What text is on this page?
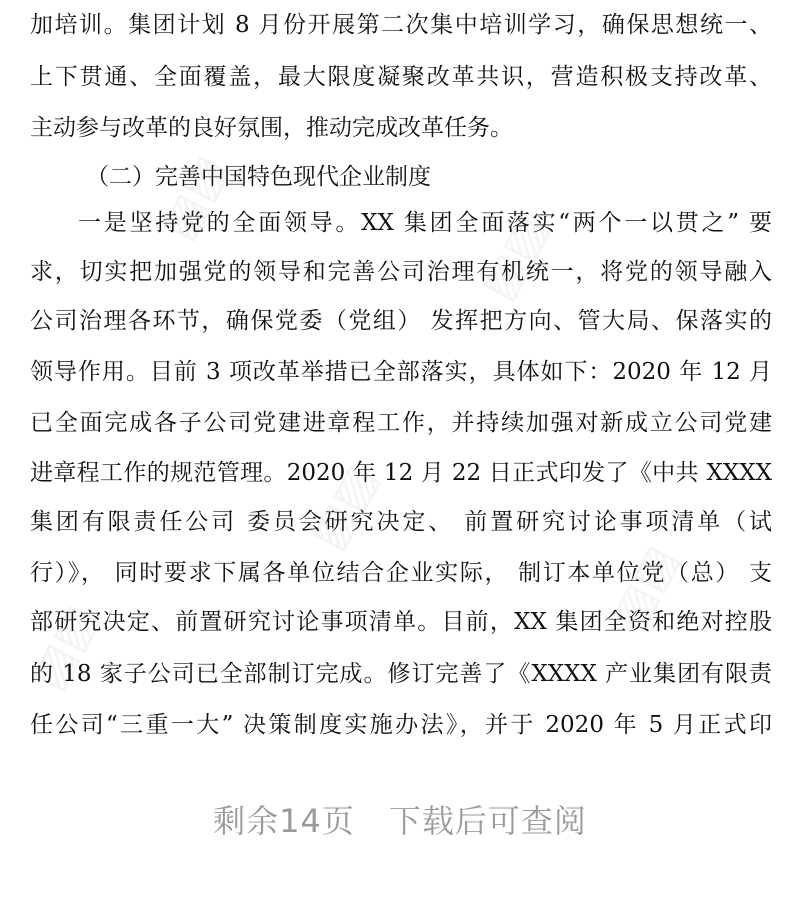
▨▨
▨▨
▨▨
▨▨
▨▨
加培训。集团计划 8 月份开展第二次集中培训学习，确保思想统一、
上下贯通、全面覆盖，最大限度凝聚改革共识，营造积极支持改革、
主动参与改革的良好氛围，推动完成改革任务。
（二）完善中国特色现代企业制度
一是坚持党的全面领导。XX 集团全面落实“两个一以贯之” 要
求，切实把加强党的领导和完善公司治理有机统一，将党的领导融入
公司治理各环节，确保党委（党组） 发挥把方向、管大局、保落实的
领导作用。目前 3 项改革举措已全部落实，具体如下：2020 年 12 月
已全面完成各子公司党建进章程工作，并持续加强对新成立公司党建
进章程工作的规范管理。2020 年 12 月 22 日正式印发了《中共 XXXX
集团有限责任公司 委员会研究决定、 前置研究讨论事项清单（试
行）》， 同时要求下属各单位结合企业实际， 制订本单位党（总） 支
部研究决定、前置研究讨论事项清单。目前，XX 集团全资和绝对控股
的 18 家子公司已全部制订完成。修订完善了《XXXX 产业集团有限责
任公司“三重一大” 决策制度实施办法》，并于 2020 年 5 月正式印
剩余14页 下载后可查阅
